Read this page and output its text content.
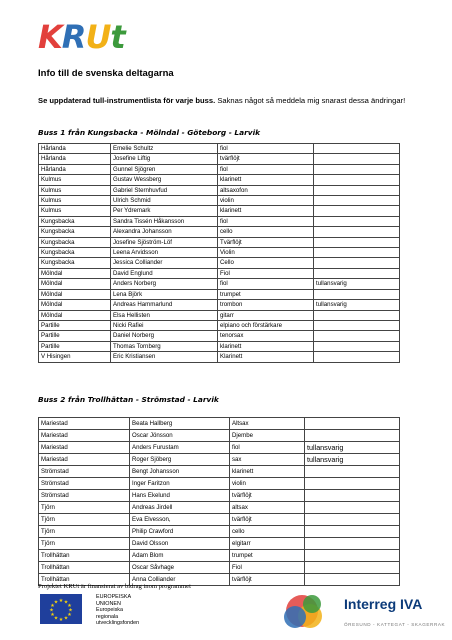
KRUt
Info till de svenska deltagarna
Se uppdaterad tull-instrumentlista för varje buss. Saknas något så meddela mig snarast dessa ändringar!
Buss 1 från Kungsbacka - Mölndal - Göteborg - Larvik
Hårlanda	Emelie Schultz	fiol	
Hårlanda	Josefine Liftig	tvärflöjt	
Hårlanda	Gunnel Sjögren	fiol	
Kulmus	Gustav Wessberg	klarinett	
Kulmus	Gabriel Sternhuvfud	altsaxofon	
Kulmus	Ulrich Schmid	violin	
Kulmus	Per Ydremark	klarinett	
Kungsbacka	Sandra Tissén Håkansson	fiol	
Kungsbacka	Alexandra Johansson	cello	
Kungsbacka	Josefine Sjöström-Löf	Tvärflöjt	
Kungsbacka	Leena Arvidsson	Violin	
Kungsbacka	Jessica Colliander	Cello	
Mölndal	David Englund	Fiol	
Mölndal	Anders Norberg	fiol	tullansvarig
Mölndal	Lena Björk	trumpet	
Mölndal	Andreas Hammarlund	trombon	tullansvarig
Mölndal	Elsa Hellisten	gitarr	
Partille	Nicki Rafiei	elpiano och förstärkare	
Partille	Daniel Norberg	tenorsax	
Partille	Thomas Tornberg	klarinett	
V Hisingen	Eric Kristiansen	Klarinett	
Buss 2 från Trollhättan - Strömstad - Larvik
Mariestad	Beata Hallberg	Altsax	
Mariestad	Oscar Jönsson	Djembe	
Mariestad	Anders Furustam	fiol	tullansvarig
Mariestad	Roger Sjöberg	sax	tullansvarig
Strömstad	Bengt Johansson	klarinett	
Strömstad	Inger Faritzon	violin	
Strömstad	Hans Ekelund	tvärflöjt	
Tjörn	Andreas Jirdell	altsax	
Tjörn	Eva Elvesson,	tvärflöjt	
Tjörn	Philip Crawford	cello	
Tjörn	David Olsson	elgitarr	
Trollhättan	Adam Blom	trumpet	
Trollhättan	Oscar Såvhage	Fiol	
Trollhättan	Anna Colliander	tvärflöjt	
Projektet KRUt är finansierat av bidrag inom programmet
★ ★
★
★
★
★
★
★
★
★
★
★
EUROPEISKA
UNIONEN
Europeiska
regionala
utvecklingsfonden
Interreg IVA
ÖRESUND - KATTEGAT - SKAGERRAK
